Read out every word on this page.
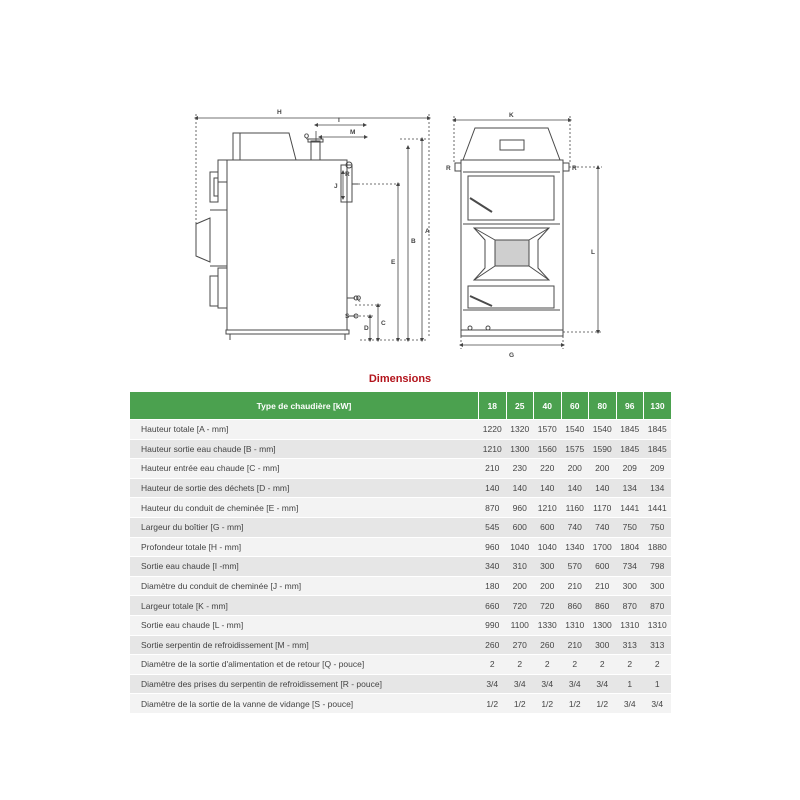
H
I
M
Q
R
J
A
B
E
Q
C
D
S
K
G
L
R	R
Dimensions
Type de chaudière [kW]	18	25	40	60	80	96	130
Hauteur totale [A - mm]	1220	1320	1570	1540	1540	1845	1845
Hauteur sortie eau chaude [B - mm]	1210	1300	1560	1575	1590	1845	1845
Hauteur entrée eau chaude [C - mm]	210	230	220	200	200	209	209
Hauteur de sortie des déchets [D - mm]	140	140	140	140	140	134	134
Hauteur du conduit de cheminée [E - mm]	870	960	1210	1160	1170	1441	1441
Largeur du boîtier [G - mm]	545	600	600	740	740	750	750
Profondeur totale [H - mm]	960	1040	1040	1340	1700	1804	1880
Sortie eau chaude [I -mm]	340	310	300	570	600	734	798
Diamètre du conduit de cheminée [J - mm]	180	200	200	210	210	300	300
Largeur totale [K - mm]	660	720	720	860	860	870	870
Sortie eau chaude [L - mm]	990	1100	1330	1310	1300	1310	1310
Sortie serpentin de refroidissement [M - mm]	260	270	260	210	300	313	313
Diamètre de la sortie d'alimentation et de retour [Q - pouce]	2	2	2	2	2	2	2
Diamètre des prises du serpentin de refroidissement [R - pouce]	3/4	3/4	3/4	3/4	3/4	1	1
Diamètre de la sortie de la vanne de vidange [S - pouce]	1/2	1/2	1/2	1/2	1/2	3/4	3/4
